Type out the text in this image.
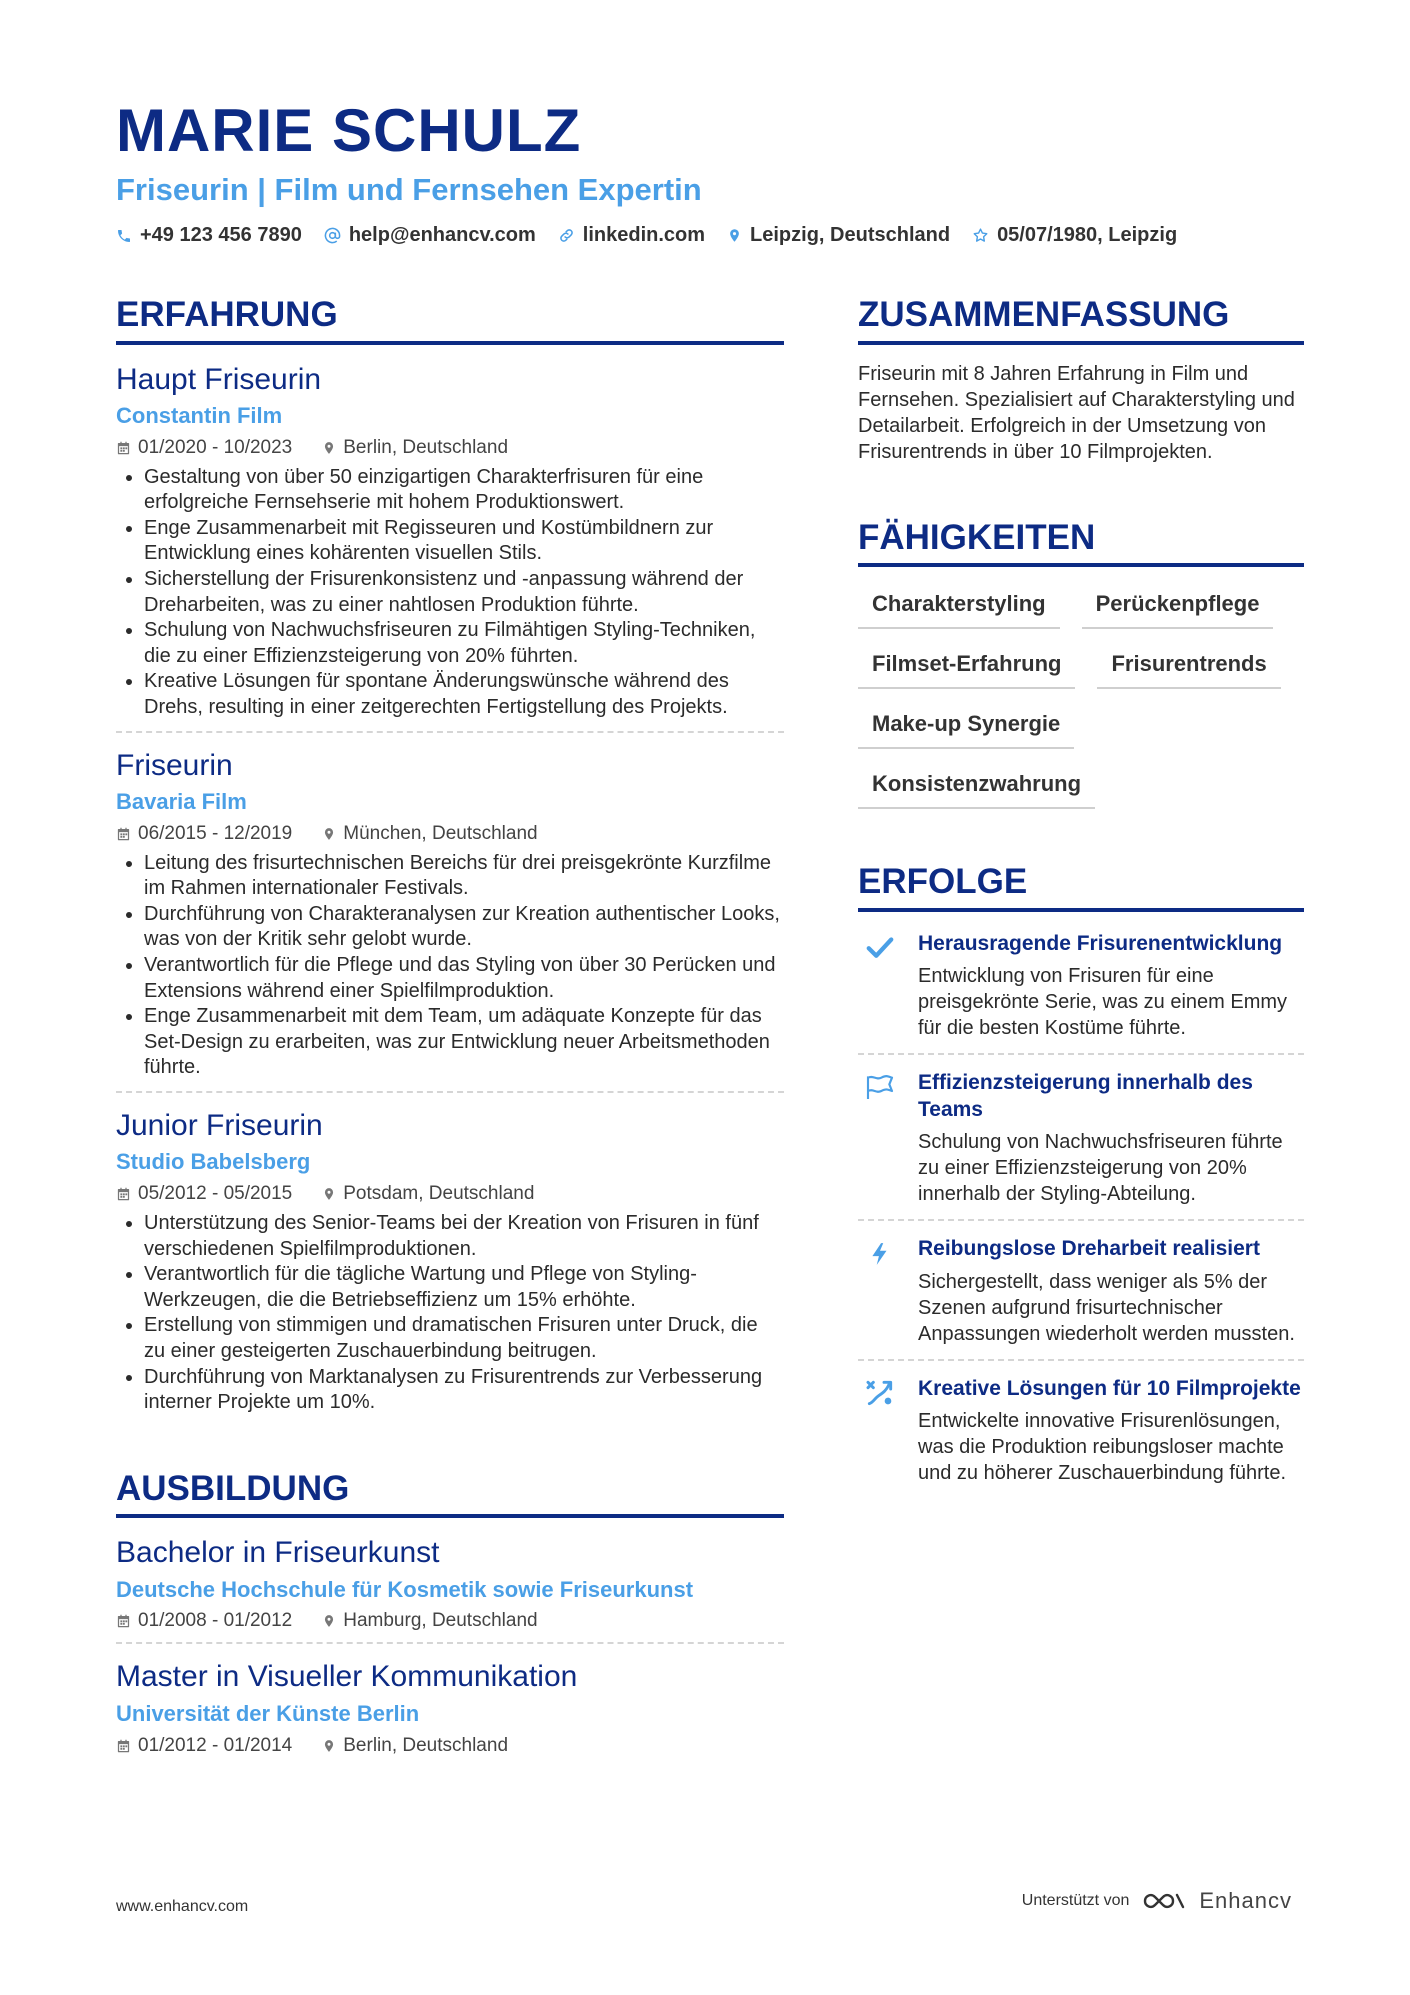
MARIE SCHULZ
Friseurin | Film und Fernsehen Expertin
+49 123 456 7890 help@enhancv.com linkedin.com Leipzig, Deutschland 05/07/1980, Leipzig
ERFAHRUNG
Haupt Friseurin
Constantin Film
01/2020 - 10/2023	Berlin, Deutschland
• Gestaltung von über 50 einzigartigen Charakterfrisuren für eine erfolgreiche Fernsehserie mit hohem Produktionswert.
• Enge Zusammenarbeit mit Regisseuren und Kostümbildnern zur Entwicklung eines kohärenten visuellen Stils.
• Sicherstellung der Frisurenkonsistenz und -anpassung während der Dreharbeiten, was zu einer nahtlosen Produktion führte.
• Schulung von Nachwuchsfriseuren zu Filmähtigen Styling-Techniken, die zu einer Effizienzsteigerung von 20% führten.
• Kreative Lösungen für spontane Änderungswünsche während des Drehs, resulting in einer zeitgerechten Fertigstellung des Projekts.
Friseurin
Bavaria Film
06/2015 - 12/2019	München, Deutschland
• Leitung des frisurtechnischen Bereichs für drei preisgekrönte Kurzfilme im Rahmen internationaler Festivals.
• Durchführung von Charakteranalysen zur Kreation authentischer Looks, was von der Kritik sehr gelobt wurde.
• Verantwortlich für die Pflege und das Styling von über 30 Perücken und Extensions während einer Spielfilmproduktion.
• Enge Zusammenarbeit mit dem Team, um adäquate Konzepte für das Set-Design zu erarbeiten, was zur Entwicklung neuer Arbeitsmethoden führte.
Junior Friseurin
Studio Babelsberg
05/2012 - 05/2015	Potsdam, Deutschland
• Unterstützung des Senior-Teams bei der Kreation von Frisuren in fünf verschiedenen Spielfilmproduktionen.
• Verantwortlich für die tägliche Wartung und Pflege von Styling-Werkzeugen, die die Betriebseffizienz um 15% erhöhte.
• Erstellung von stimmigen und dramatischen Frisuren unter Druck, die zu einer gesteigerten Zuschauerbindung beitrugen.
• Durchführung von Marktanalysen zu Frisurentrends zur Verbesserung interner Projekte um 10%.
AUSBILDUNG
Bachelor in Friseurkunst
Deutsche Hochschule für Kosmetik sowie Friseurkunst
01/2008 - 01/2012	Hamburg, Deutschland
Master in Visueller Kommunikation
Universität der Künste Berlin
01/2012 - 01/2014	Berlin, Deutschland
ZUSAMMENFASSUNG
Friseurin mit 8 Jahren Erfahrung in Film und Fernsehen. Spezialisiert auf Charakterstyling und Detailarbeit. Erfolgreich in der Umsetzung von Frisurentrends in über 10 Filmprojekten.
FÄHIGKEITEN
Charakterstyling	Perückenpflege
Filmset-Erfahrung	Frisurentrends
Make-up Synergie
Konsistenzwahrung
ERFOLGE
Herausragende Frisurenentwicklung
Entwicklung von Frisuren für eine preisgekrönte Serie, was zu einem Emmy für die besten Kostüme führte.
Effizienzsteigerung innerhalb des Teams
Schulung von Nachwuchsfriseuren führte zu einer Effizienzsteigerung von 20% innerhalb der Styling-Abteilung.
Reibungslose Dreharbeit realisiert
Sichergestellt, dass weniger als 5% der Szenen aufgrund frisurtechnischer Anpassungen wiederholt werden mussten.
Kreative Lösungen für 10 Filmprojekte
Entwickelte innovative Frisurenlösungen, was die Produktion reibungsloser machte und zu höherer Zuschauerbindung führte.
www.enhancv.com	Unterstützt von	Enhancv
